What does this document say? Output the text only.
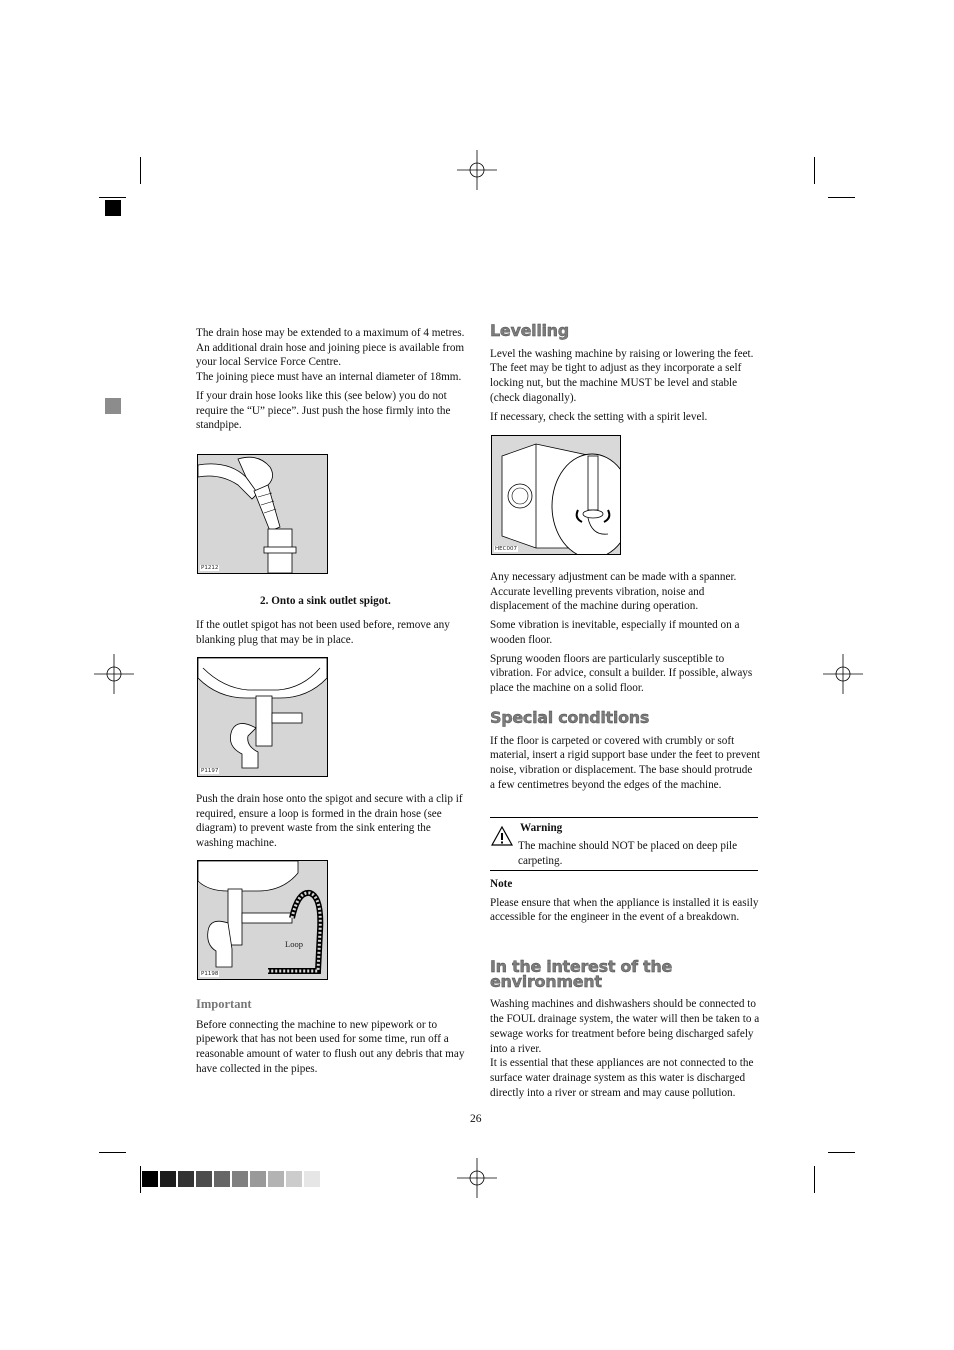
The drain hose may be extended to a maximum of 4 metres. An additional drain hose and joining piece is available from your local Service Force Centre.
The joining piece must have an internal diameter of 18mm.

If your drain hose looks like this (see below) you do not require the “U” piece”. Just push the hose firmly into the standpipe.

P1212
2. Onto a sink outlet spigot.

If the outlet spigot has not been used before, remove any blanking plug that may be in place.

P1197

Push the drain hose onto the spigot and secure with a clip if required, ensure a loop is formed in the drain hose (see diagram) to prevent waste from the sink entering the washing machine.

Loop
P1198
Important

Before connecting the machine to new pipework or to pipework that has not been used for some time, run off a reasonable amount of water to flush out any debris that may have collected in the pipes.

Levelling

Level the washing machine by raising or lowering the feet. The feet may be tight to adjust as they incorporate a self locking nut, but the machine MUST be level and stable (check diagonally).

If necessary, check the setting with a spirit level.

HEC007

Any necessary adjustment can be made with a spanner. Accurate levelling prevents vibration, noise and displacement of the machine during operation.

Some vibration is inevitable, especially if mounted on a wooden floor.

Sprung wooden floors are particularly susceptible to vibration. For advice, consult a builder. If possible, always place the machine on a solid floor.

Special conditions

If the floor is carpeted or covered with crumbly or soft material, insert a rigid support base under the feet to prevent noise, vibration or displacement. The base should protrude a few centimetres beyond the edges of the machine.

Warning
The machine should NOT be placed on deep pile carpeting.

Note

Please ensure that when the appliance is installed it is easily accessible for the engineer in the event of a breakdown.

In the interest of the environment

Washing machines and dishwashers should be connected to the FOUL drainage system, the water will then be taken to a sewage works for treatment before being discharged safely into a river.
It is essential that these appliances are not connected to the surface water drainage system as this water is discharged directly into a river or stream and may cause pollution.

26
